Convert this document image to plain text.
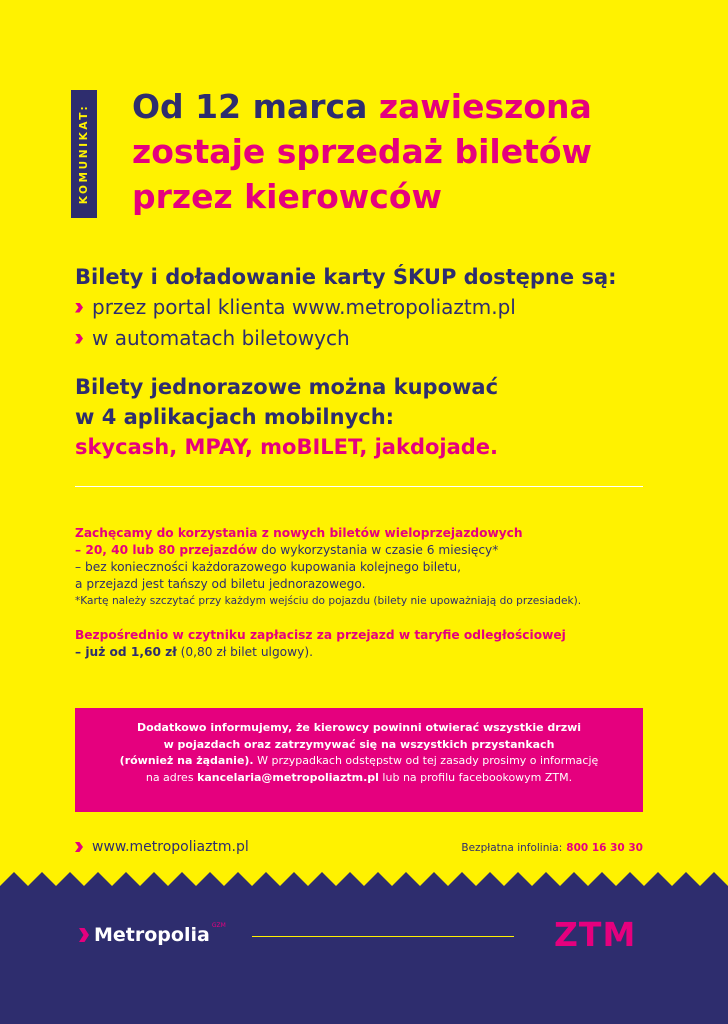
KOMUNIKAT: Od 12 marca zawieszona zostaje sprzedaż biletów przez kierowców
Bilety i doładowanie karty ŚKUP dostępne są:
przez portal klienta www.metropoliaztm.pl
w automatach biletowych
Bilety jednorazowe można kupować
w 4 aplikacjach mobilnych:
skycash, MPAY, moBILET, jakdojade.
Zachęcamy do korzystania z nowych biletów wieloprzejazdowych
– 20, 40 lub 80 przejazdów do wykorzystania w czasie 6 miesięcy*
– bez konieczności każdorazowego kupowania kolejnego biletu,
a przejazd jest tańszy od biletu jednorazowego.
*Kartę należy szczytać przy każdym wejściu do pojazdu (bilety nie upoważniają do przesiadek).
Bezpośrednio w czytniku zapłacisz za przejazd w taryfie odległościowej
– już od 1,60 zł (0,80 zł bilet ulgowy).
Dodatkowo informujemy, że kierowcy powinni otwierać wszystkie drzwi
w pojazdach oraz zatrzymywać się na wszystkich przystankach
(również na żądanie). W przypadkach odstępstw od tej zasady prosimy o informację
na adres kancelaria@metropoliaztm.pl lub na profilu facebookowym ZTM.
www.metropoliaztm.pl	Bezpłatna infolinia: 800 16 30 30
Metropolia GZM	ZTM
